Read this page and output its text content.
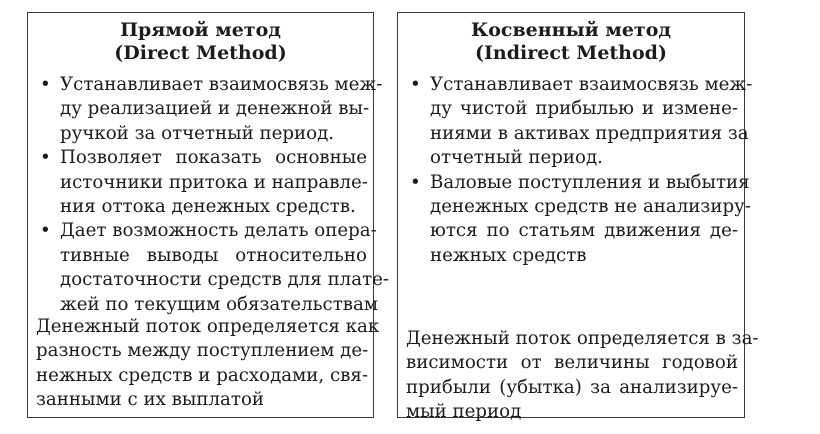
Прямой метод
(Direct Method)
• Устанавливает взаимосвязь меж-
ду реализацией и денежной вы-
ручкой за отчетный период.
• Позволяет показать основные
источники притока и направле-
ния оттока денежных средств.
• Дает возможность делать опера-
тивные выводы относительно
достаточности средств для плате-
жей по текущим обязательствам
Денежный поток определяется как
разность между поступлением де-
нежных средств и расходами, свя-
занными с их выплатой
Косвенный метод
(Indirect Method)
• Устанавливает взаимосвязь меж-
ду чистой прибылью и измене-
ниями в активах предприятия за
отчетный период.
• Валовые поступления и выбытия
денежных средств не анализиру-
ются по статьям движения де-
нежных средств
Денежный поток определяется в за-
висимости от величины годовой
прибыли (убытка) за анализируе-
мый период
